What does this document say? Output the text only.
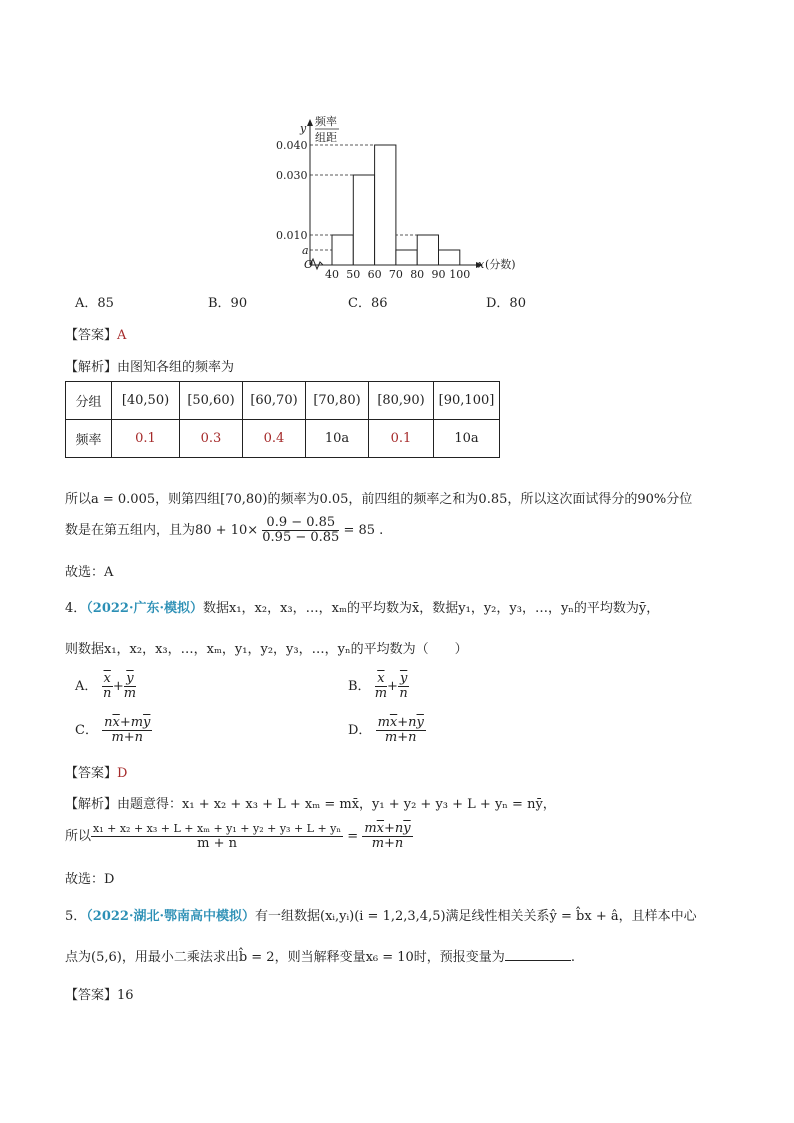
y
频率
组距
O	x (分数)
0.040
0.030
0.010
a
40 50 60 70 80 90 100
A．85	B．90	C．86	D．80
【答案】A
【解析】由图知各组的频率为
分组	[40,50)	[50,60)	[60,70)	[70,80)	[80,90)	[90,100]
频率	0.1	0.3	0.4	10a	0.1	10a
所以a = 0.005，则第四组[70,80)的频率为0.05，前四组的频率之和为0.85，所以这次面试得分的90%分位
数是在第五组内，且为$80 + 10\times \frac{0.9 - 0.85}{0.95 - 0.85} = 85$ .
故选：A
4．（2022·广东·模拟）数据x₁，x₂，x₃，…，xₘ的平均数为x̄，数据y₁，y₂，y₃，…，yₙ的平均数为ȳ，
则数据x₁，x₂，x₃，…，xₘ，y₁，y₂，y₃，…，yₙ的平均数为（　　）
A． $\frac{\overline{x}}{n} + \frac{\overline{y}}{m}$	B． $\frac{\overline{x}}{m} + \frac{\overline{y}}{n}$
C． $\frac{n\overline{x}+m\overline{y}}{m+n}$	D． $\frac{m\overline{x}+n\overline{y}}{m+n}$
【答案】D
【解析】由题意得：x₁ + x₂ + x₃ + L + xₘ = mx̄，y₁ + y₂ + y₃ + L + yₙ = nȳ，
所以 $\frac{\text{x₁ + x₂ + x₃ + L + xₘ + y₁ + y₂ + y₃ + L + yₙ}}{m + n} = \frac{m\overline{x}+n\overline{y}}{m+n}$
故选：D
5．（2022·湖北·鄂南高中模拟）有一组数据(xᵢ,yᵢ)(i = 1,2,3,4,5)满足线性相关关系ŷ = b̂x + â，且样本中心
点为(5,6)，用最小二乘法求出b̂ = 2，则当解释变量x₆ = 10时，预报变量为	.
【答案】16
